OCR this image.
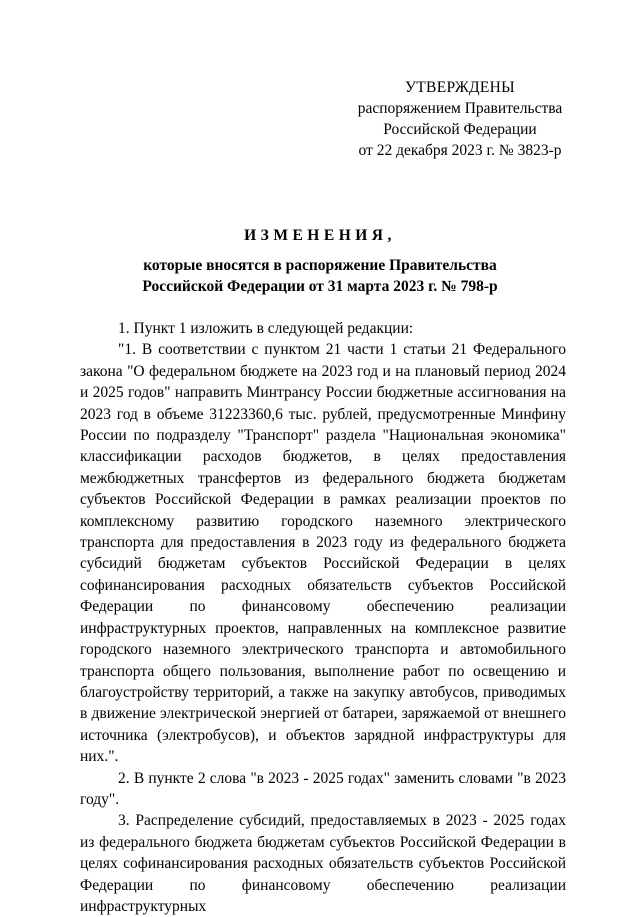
УТВЕРЖДЕНЫ
распоряжением Правительства
Российской Федерации
от 22 декабря 2023 г. № 3823-р
ИЗМЕНЕНИЯ,
которые вносятся в распоряжение Правительства
Российской Федерации от 31 марта 2023 г. № 798-р

1. Пункт 1 изложить в следующей редакции:

"1. В соответствии с пунктом 21 части 1 статьи 21 Федерального закона "О федеральном бюджете на 2023 год и на плановый период 2024 и 2025 годов" направить Минтрансу России бюджетные ассигнования на 2023 год в объеме 31223360,6 тыс. рублей, предусмотренные Минфину России по подразделу "Транспорт" раздела "Национальная экономика" классификации расходов бюджетов, в целях предоставления межбюджетных трансфертов из федерального бюджета бюджетам субъектов Российской Федерации в рамках реализации проектов по комплексному развитию городского наземного электрического транспорта для предоставления в 2023 году из федерального бюджета субсидий бюджетам субъектов Российской Федерации в целях софинансирования расходных обязательств субъектов Российской Федерации по финансовому обеспечению реализации инфраструктурных проектов, направленных на комплексное развитие городского наземного электрического транспорта и автомобильного транспорта общего пользования, выполнение работ по освещению и благоустройству территорий, а также на закупку автобусов, приводимых в движение электрической энергией от батареи, заряжаемой от внешнего источника (электробусов), и объектов зарядной инфраструктуры для них.".

2. В пункте 2 слова "в 2023 - 2025 годах" заменить словами "в 2023 году".

3. Распределение субсидий, предоставляемых в 2023 - 2025 годах из федерального бюджета бюджетам субъектов Российской Федерации в целях софинансирования расходных обязательств субъектов Российской Федерации по финансовому обеспечению реализации инфраструктурных
